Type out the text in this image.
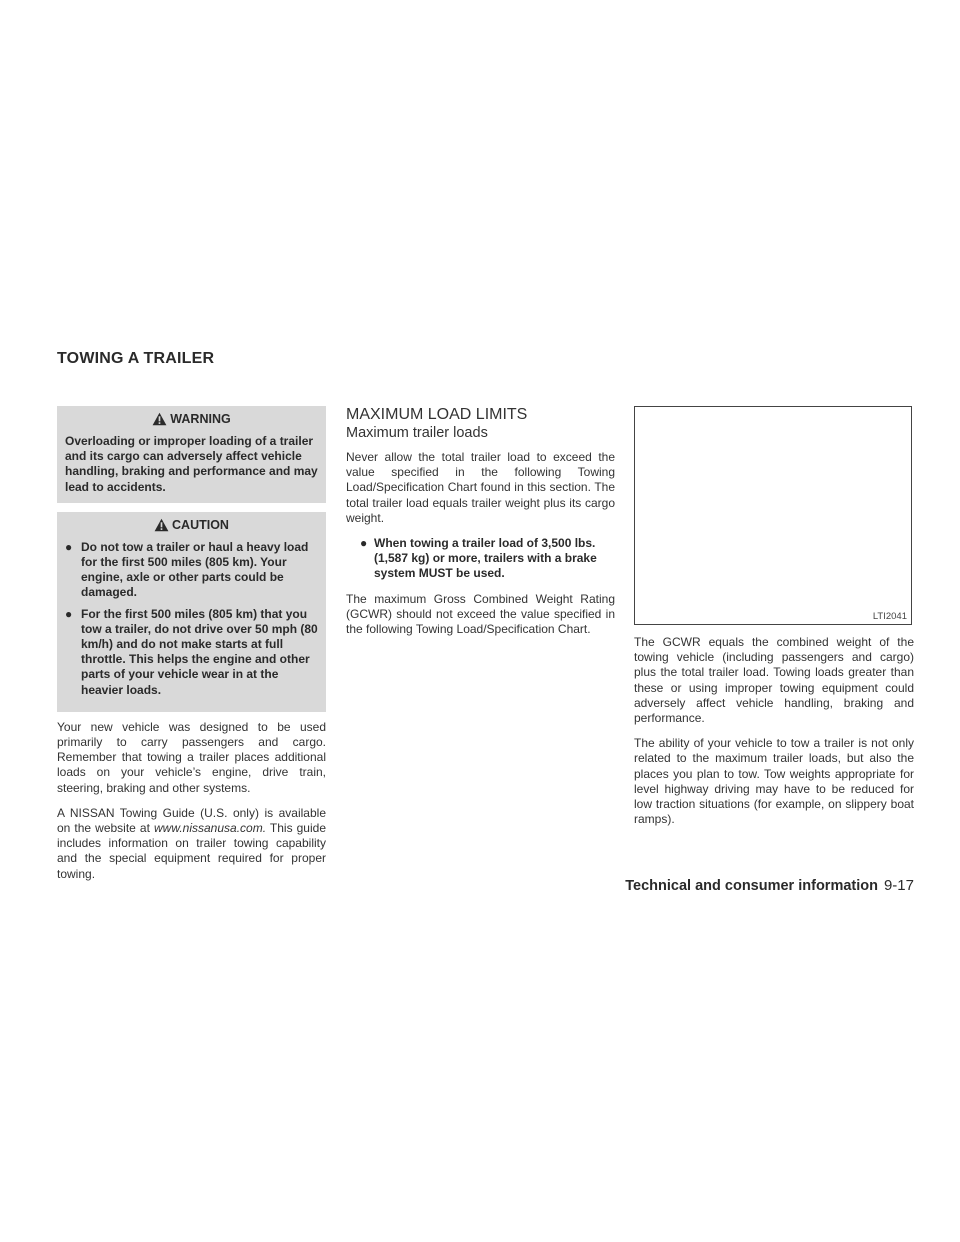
TOWING A TRAILER
WARNING
Overloading or improper loading of a trailer and its cargo can adversely affect vehicle handling, braking and performance and may lead to accidents.
CAUTION
● Do not tow a trailer or haul a heavy load for the first 500 miles (805 km). Your engine, axle or other parts could be damaged.
● For the first 500 miles (805 km) that you tow a trailer, do not drive over 50 mph (80 km/h) and do not make starts at full throttle. This helps the engine and other parts of your vehicle wear in at the heavier loads.

Your new vehicle was designed to be used primarily to carry passengers and cargo. Remember that towing a trailer places additional loads on your vehicle’s engine, drive train, steering, braking and other systems.

A NISSAN Towing Guide (U.S. only) is available on the website at www.nissanusa.com. This guide includes information on trailer towing capability and the special equipment required for proper towing.

MAXIMUM LOAD LIMITS
Maximum trailer loads

Never allow the total trailer load to exceed the value specified in the following Towing Load/Specification Chart found in this section. The total trailer load equals trailer weight plus its cargo weight.

● When towing a trailer load of 3,500 lbs. (1,587 kg) or more, trailers with a brake system MUST be used.

The maximum Gross Combined Weight Rating (GCWR) should not exceed the value specified in the following Towing Load/Specification Chart.

LTI2041

The GCWR equals the combined weight of the towing vehicle (including passengers and cargo) plus the total trailer load. Towing loads greater than these or using improper towing equipment could adversely affect vehicle handling, braking and performance.

The ability of your vehicle to tow a trailer is not only related to the maximum trailer loads, but also the places you plan to tow. Tow weights appropriate for level highway driving may have to be reduced for low traction situations (for example, on slippery boat ramps).

Technical and consumer information 9-17
